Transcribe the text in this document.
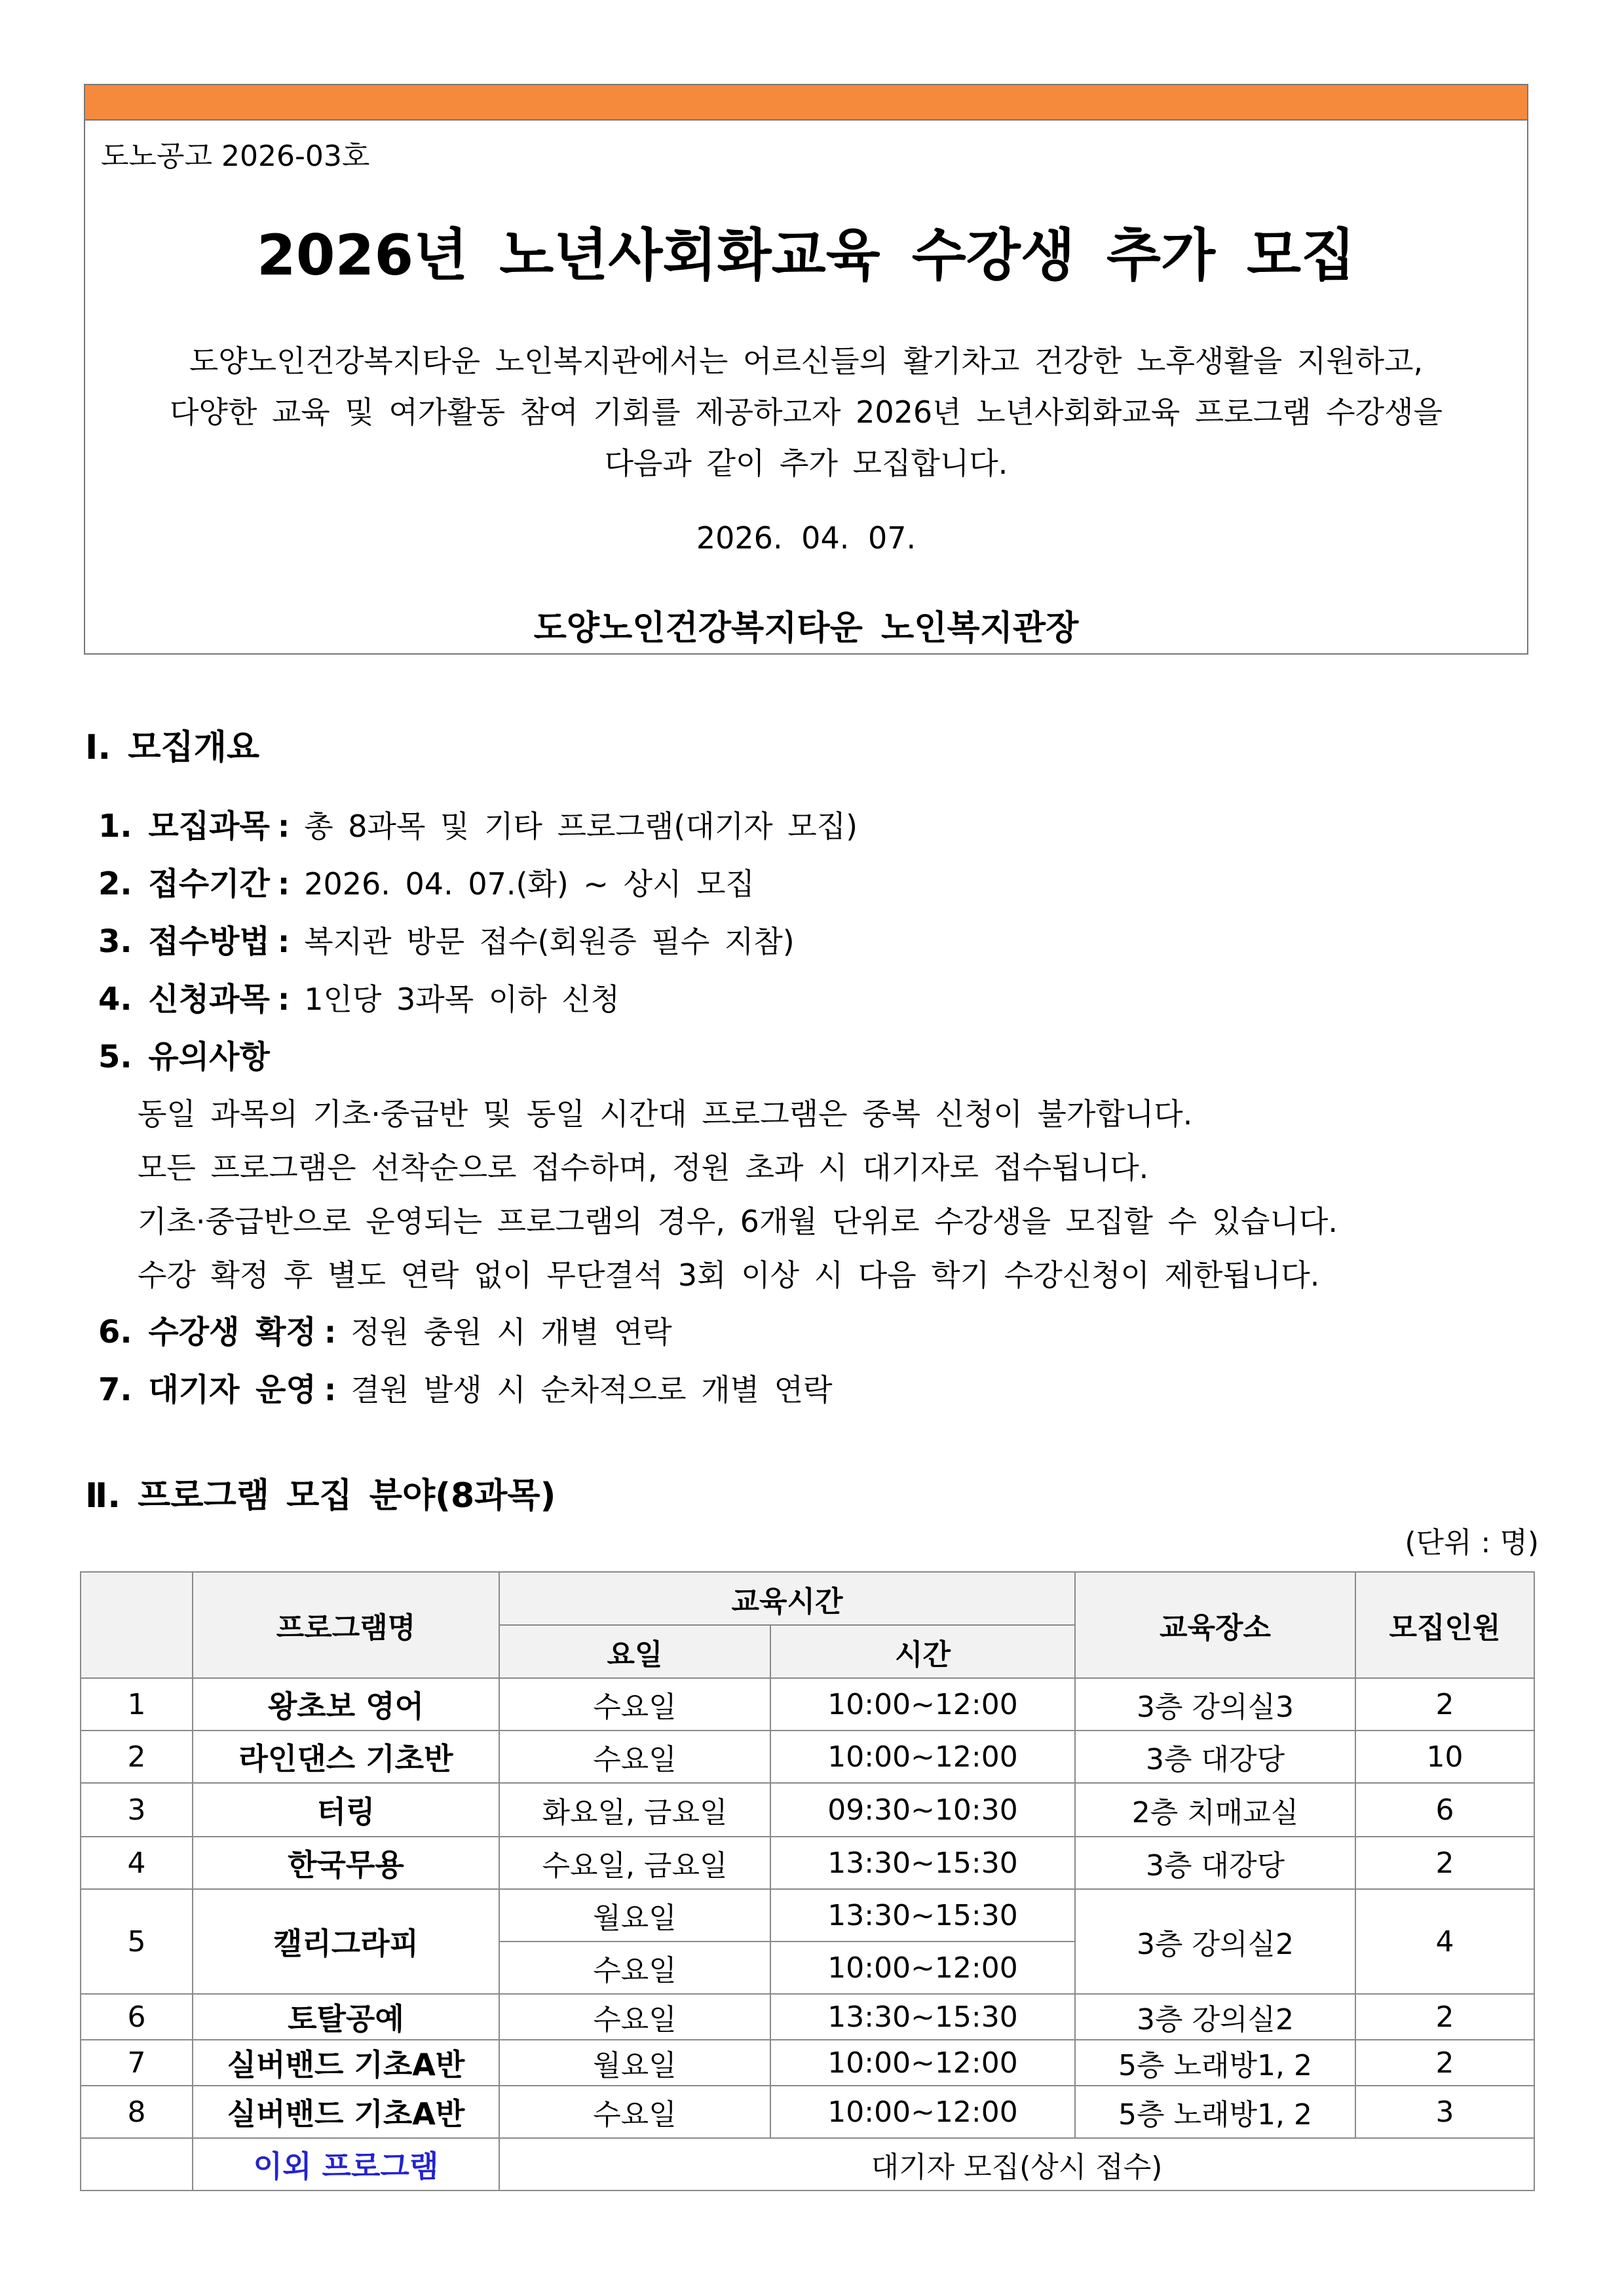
도노공고 2026-03호
2026년 노년사회화교육 수강생 추가 모집
도양노인건강복지타운 노인복지관에서는 어르신들의 활기차고 건강한 노후생활을 지원하고,
다양한 교육 및 여가활동 참여 기회를 제공하고자 2026년 노년사회화교육 프로그램 수강생을
다음과 같이 추가 모집합니다.
2026. 04. 07.
도양노인건강복지타운 노인복지관장
Ⅰ. 모집개요
1. 모집과목 : 총 8과목 및 기타 프로그램(대기자 모집)
2. 접수기간 : 2026. 04. 07.(화) ~ 상시 모집
3. 접수방법 : 복지관 방문 접수(회원증 필수 지참)
4. 신청과목 : 1인당 3과목 이하 신청
5. 유의사항
동일 과목의 기초·중급반 및 동일 시간대 프로그램은 중복 신청이 불가합니다.
모든 프로그램은 선착순으로 접수하며, 정원 초과 시 대기자로 접수됩니다.
기초·중급반으로 운영되는 프로그램의 경우, 6개월 단위로 수강생을 모집할 수 있습니다.
수강 확정 후 별도 연락 없이 무단결석 3회 이상 시 다음 학기 수강신청이 제한됩니다.
6. 수강생 확정 : 정원 충원 시 개별 연락
7. 대기자 운영 : 결원 발생 시 순차적으로 개별 연락
Ⅱ. 프로그램 모집 분야(8과목)
(단위 : 명)
	프로그램명	교육시간		교육장소	모집인원
		요일	시간		
1	왕초보 영어	수요일	10:00~12:00	3층 강의실3	2
2	라인댄스 기초반	수요일	10:00~12:00	3층 대강당	10
3	터링	화요일, 금요일	09:30~10:30	2층 치매교실	6
4	한국무용	수요일, 금요일	13:30~15:30	3층 대강당	2
5	캘리그라피	월요일	13:30~15:30	3층 강의실2	4
		수요일	10:00~12:00		
6	토탈공예	수요일	13:30~15:30	3층 강의실2	2
7	실버밴드 기초A반	월요일	10:00~12:00	5층 노래방1, 2	2
8	실버밴드 기초A반	수요일	10:00~12:00	5층 노래방1, 2	3
	이외 프로그램	대기자 모집(상시 접수)			
